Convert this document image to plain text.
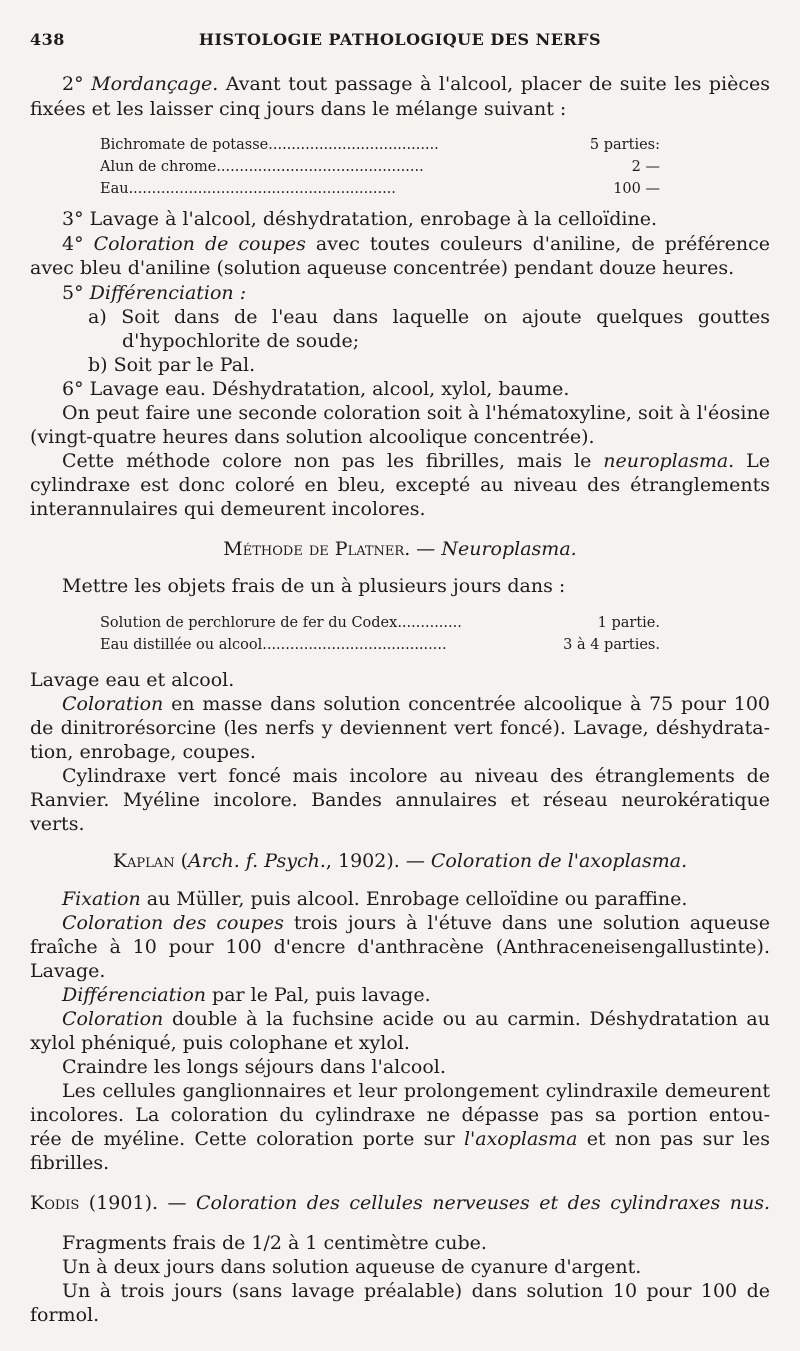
438	HISTOLOGIE PATHOLOGIQUE DES NERFS
2° Mordançage. Avant tout passage à l'alcool, placer de suite les pièces
fixées et les laisser cinq jours dans le mélange suivant :
3° Lavage à l'alcool, déshydratation, enrobage à la celloïdine.
4° Coloration de coupes avec toutes couleurs d'aniline, de préférence
avec bleu d'aniline (solution aqueuse concentrée) pendant douze heures.
5° Différenciation :
a) Soit dans de l'eau dans laquelle on ajoute quelques gouttes
d'hypochlorite de soude;
b) Soit par le Pal.
6° Lavage eau. Déshydratation, alcool, xylol, baume.
On peut faire une seconde coloration soit à l'hématoxyline, soit à l'éosine
(vingt-quatre heures dans solution alcoolique concentrée).
Cette méthode colore non pas les fibrilles, mais le neuroplasma. Le
cylindraxe est donc coloré en bleu, excepté au niveau des étranglements
interannulaires qui demeurent incolores.
Méthode de Platner. — Neuroplasma.
Mettre les objets frais de un à plusieurs jours dans :
Lavage eau et alcool.
Coloration en masse dans solution concentrée alcoolique à 75 pour 100
de dinitrorésorcine (les nerfs y deviennent vert foncé). Lavage, déshydrata-
tion, enrobage, coupes.
Cylindraxe vert foncé mais incolore au niveau des étranglements de
Ranvier. Myéline incolore. Bandes annulaires et réseau neurokératique
verts.
Kaplan (Arch. f. Psych., 1902). — Coloration de l'axoplasma.
Fixation au Müller, puis alcool. Enrobage celloïdine ou paraffine.
Coloration des coupes trois jours à l'étuve dans une solution aqueuse
fraîche à 10 pour 100 d'encre d'anthracène (Anthraceneisengallustinte).
Lavage.
Différenciation par le Pal, puis lavage.
Coloration double à la fuchsine acide ou au carmin. Déshydratation au
xylol phéniqué, puis colophane et xylol.
Craindre les longs séjours dans l'alcool.
Les cellules ganglionnaires et leur prolongement cylindraxile demeurent
incolores. La coloration du cylindraxe ne dépasse pas sa portion entou-
rée de myéline. Cette coloration porte sur l'axoplasma et non pas sur les
fibrilles.
Kodis (1901). — Coloration des cellules nerveuses et des cylindraxes nus.
Fragments frais de 1/2 à 1 centimètre cube.
Un à deux jours dans solution aqueuse de cyanure d'argent.
Un à trois jours (sans lavage préalable) dans solution 10 pour 100 de
formol.
Bichromate de potasse.....................................	5 parties:
Alun de chrome.............................................	2 —
Eau..........................................................	100 —
Solution de perchlorure de fer du Codex..............	1 partie.
Eau distillée ou alcool........................................	3 à 4 parties.
